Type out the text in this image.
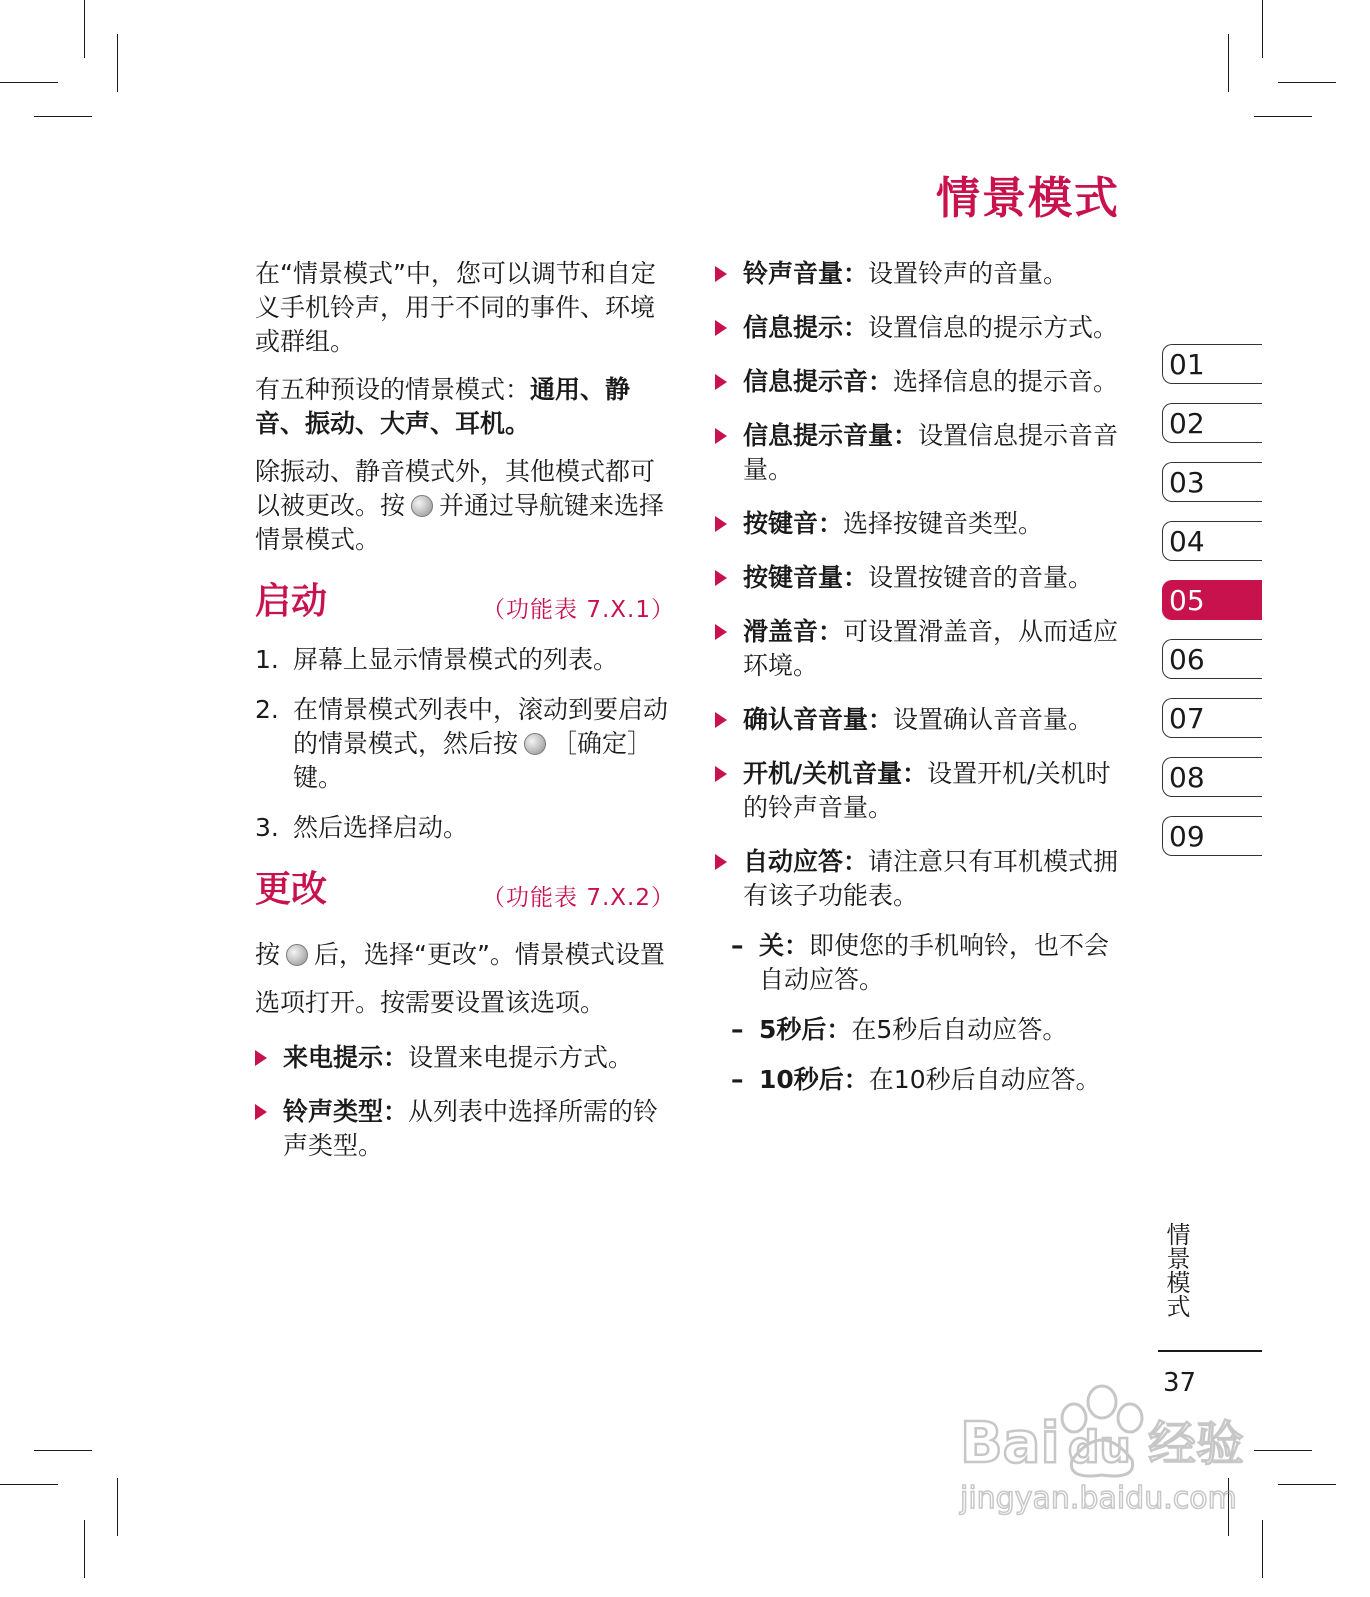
情景模式

在“情景模式”中，您可以调节和自定义手机铃声，用于不同的事件、环境或群组。

有五种预设的情景模式：通用、静音、振动、大声、耳机。

除振动、静音模式外，其他模式都可以被更改。按 并通过导航键来选择情景模式。

启动	（功能表 7.X.1）
1. 屏幕上显示情景模式的列表。
2. 在情景模式列表中，滚动到要启动的情景模式，然后按 ［确定］键。
3. 然后选择启动。
更改	（功能表 7.X.2）

按 后，选择“更改”。情景模式设置选项打开。按需要设置该选项。

来电提示：设置来电提示方式。
铃声类型：从列表中选择所需的铃声类型。
铃声音量：设置铃声的音量。
信息提示：设置信息的提示方式。
信息提示音：选择信息的提示音。
信息提示音量：设置信息提示音音量。
按键音：选择按键音类型。
按键音量：设置按键音的音量。
滑盖音：可设置滑盖音，从而适应环境。
确认音音量：设置确认音音量。
开机/关机音量：设置开机/关机时的铃声音量。
自动应答：请注意只有耳机模式拥有该子功能表。
– 关：即使您的手机响铃，也不会自动应答。
– 5秒后：在5秒后自动应答。
– 10秒后：在10秒后自动应答。
01
02
03
04
05
06
07
08
09
情景模式
37
Bai du 经验
jingyan.baidu.com
